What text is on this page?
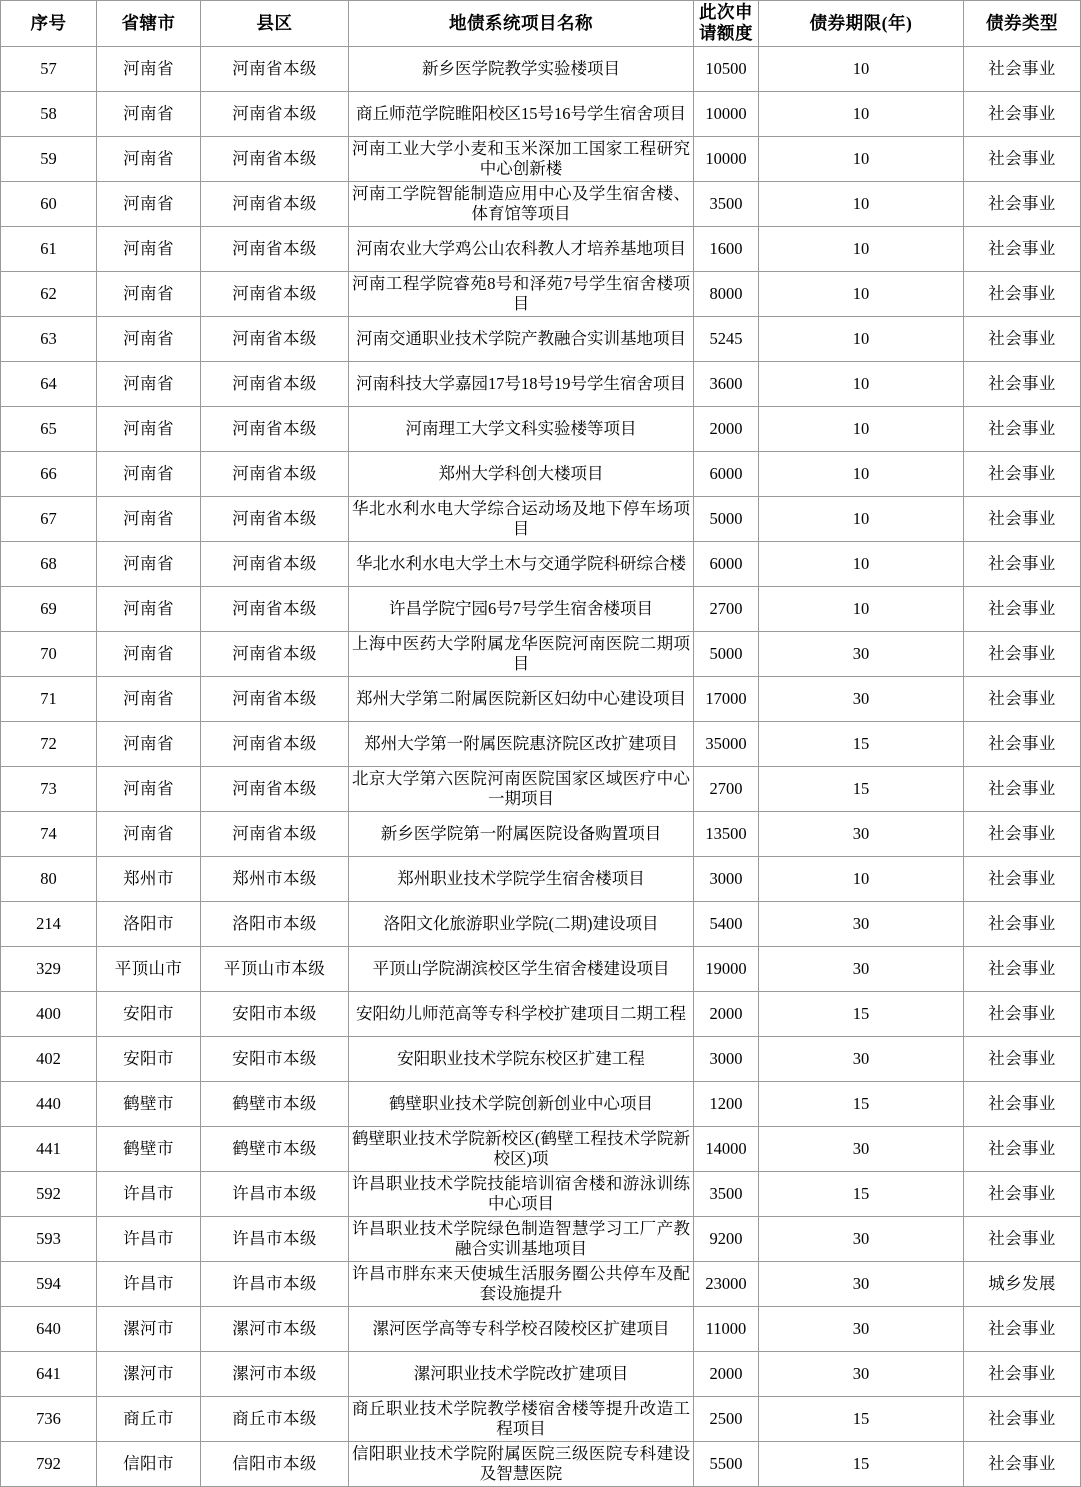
序号	省辖市	县区	地债系统项目名称	此次申请额度	债券期限(年)	债券类型
57	河南省	河南省本级	新乡医学院教学实验楼项目	10500	10	社会事业
58	河南省	河南省本级	商丘师范学院睢阳校区15号16号学生宿舍项目	10000	10	社会事业
59	河南省	河南省本级	河南工业大学小麦和玉米深加工国家工程研究中心创新楼	10000	10	社会事业
60	河南省	河南省本级	河南工学院智能制造应用中心及学生宿舍楼、体育馆等项目	3500	10	社会事业
61	河南省	河南省本级	河南农业大学鸡公山农科教人才培养基地项目	1600	10	社会事业
62	河南省	河南省本级	河南工程学院睿苑8号和泽苑7号学生宿舍楼项目	8000	10	社会事业
63	河南省	河南省本级	河南交通职业技术学院产教融合实训基地项目	5245	10	社会事业
64	河南省	河南省本级	河南科技大学嘉园17号18号19号学生宿舍项目	3600	10	社会事业
65	河南省	河南省本级	河南理工大学文科实验楼等项目	2000	10	社会事业
66	河南省	河南省本级	郑州大学科创大楼项目	6000	10	社会事业
67	河南省	河南省本级	华北水利水电大学综合运动场及地下停车场项目	5000	10	社会事业
68	河南省	河南省本级	华北水利水电大学土木与交通学院科研综合楼	6000	10	社会事业
69	河南省	河南省本级	许昌学院宁园6号7号学生宿舍楼项目	2700	10	社会事业
70	河南省	河南省本级	上海中医药大学附属龙华医院河南医院二期项目	5000	30	社会事业
71	河南省	河南省本级	郑州大学第二附属医院新区妇幼中心建设项目	17000	30	社会事业
72	河南省	河南省本级	郑州大学第一附属医院惠济院区改扩建项目	35000	15	社会事业
73	河南省	河南省本级	北京大学第六医院河南医院国家区域医疗中心一期项目	2700	15	社会事业
74	河南省	河南省本级	新乡医学院第一附属医院设备购置项目	13500	30	社会事业
80	郑州市	郑州市本级	郑州职业技术学院学生宿舍楼项目	3000	10	社会事业
214	洛阳市	洛阳市本级	洛阳文化旅游职业学院(二期)建设项目	5400	30	社会事业
329	平顶山市	平顶山市本级	平顶山学院湖滨校区学生宿舍楼建设项目	19000	30	社会事业
400	安阳市	安阳市本级	安阳幼儿师范高等专科学校扩建项目二期工程	2000	15	社会事业
402	安阳市	安阳市本级	安阳职业技术学院东校区扩建工程	3000	30	社会事业
440	鹤壁市	鹤壁市本级	鹤壁职业技术学院创新创业中心项目	1200	15	社会事业
441	鹤壁市	鹤壁市本级	鹤壁职业技术学院新校区(鹤壁工程技术学院新校区)项	14000	30	社会事业
592	许昌市	许昌市本级	许昌职业技术学院技能培训宿舍楼和游泳训练中心项目	3500	15	社会事业
593	许昌市	许昌市本级	许昌职业技术学院绿色制造智慧学习工厂产教融合实训基地项目	9200	30	社会事业
594	许昌市	许昌市本级	许昌市胖东来天使城生活服务圈公共停车及配套设施提升	23000	30	城乡发展
640	漯河市	漯河市本级	漯河医学高等专科学校召陵校区扩建项目	11000	30	社会事业
641	漯河市	漯河市本级	漯河职业技术学院改扩建项目	2000	30	社会事业
736	商丘市	商丘市本级	商丘职业技术学院教学楼宿舍楼等提升改造工程项目	2500	15	社会事业
792	信阳市	信阳市本级	信阳职业技术学院附属医院三级医院专科建设及智慧医院	5500	15	社会事业
